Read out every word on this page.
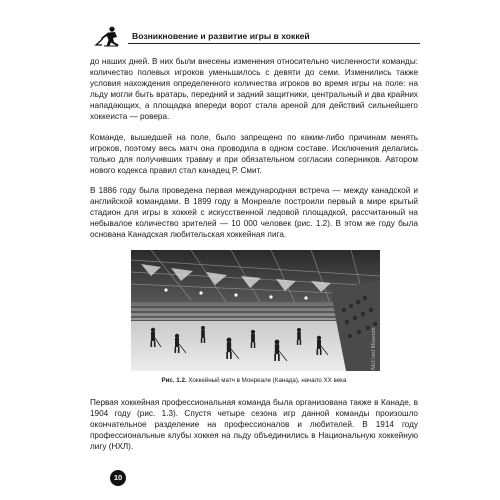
Возникновение и развитие игры в хоккей

до наших дней. В них были внесены изменения относительно численности команды: количество полевых игроков уменьшилось с девяти до семи. Изменились также условия нахождения определенного количества игроков во время игры на поле: на льду могли быть вратарь, передний и задний защитники, центральный и два крайних нападающих, а площадка впереди ворот стала ареной для действий сильнейшего хоккеиста — ровера.

Команде, вышедшей на поле, было запрещено по каким-либо причинам менять игроков, поэтому весь матч она проводила в одном составе. Исключения делались только для получивших травму и при обязательном согласии соперников. Автором нового кодекса правил стал канадец Р. Смит.

В 1886 году была проведена первая международная встреча — между канадской и английской командами. В 1899 году в Монреале построили первый в мире крытый стадион для игры в хоккей с искусственной ледовой площадкой, рассчитанный на небывалое количество зрителей — 10 000 человек (рис. 1.2). В этом же году была основана Канадская любительская хоккейная лига.

McCord Museum
Рис. 1.2. Хоккейный матч в Монреале (Канада), начало XX века

Первая хоккейная профессиональная команда была организована также в Канаде, в 1904 году (рис. 1.3). Спустя четыре сезона игр данной команды произошло окончательное разделение на профессионалов и любителей. В 1914 году профессиональные клубы хоккея на льду объединились в Национальную хоккейную лигу (НХЛ).

10
